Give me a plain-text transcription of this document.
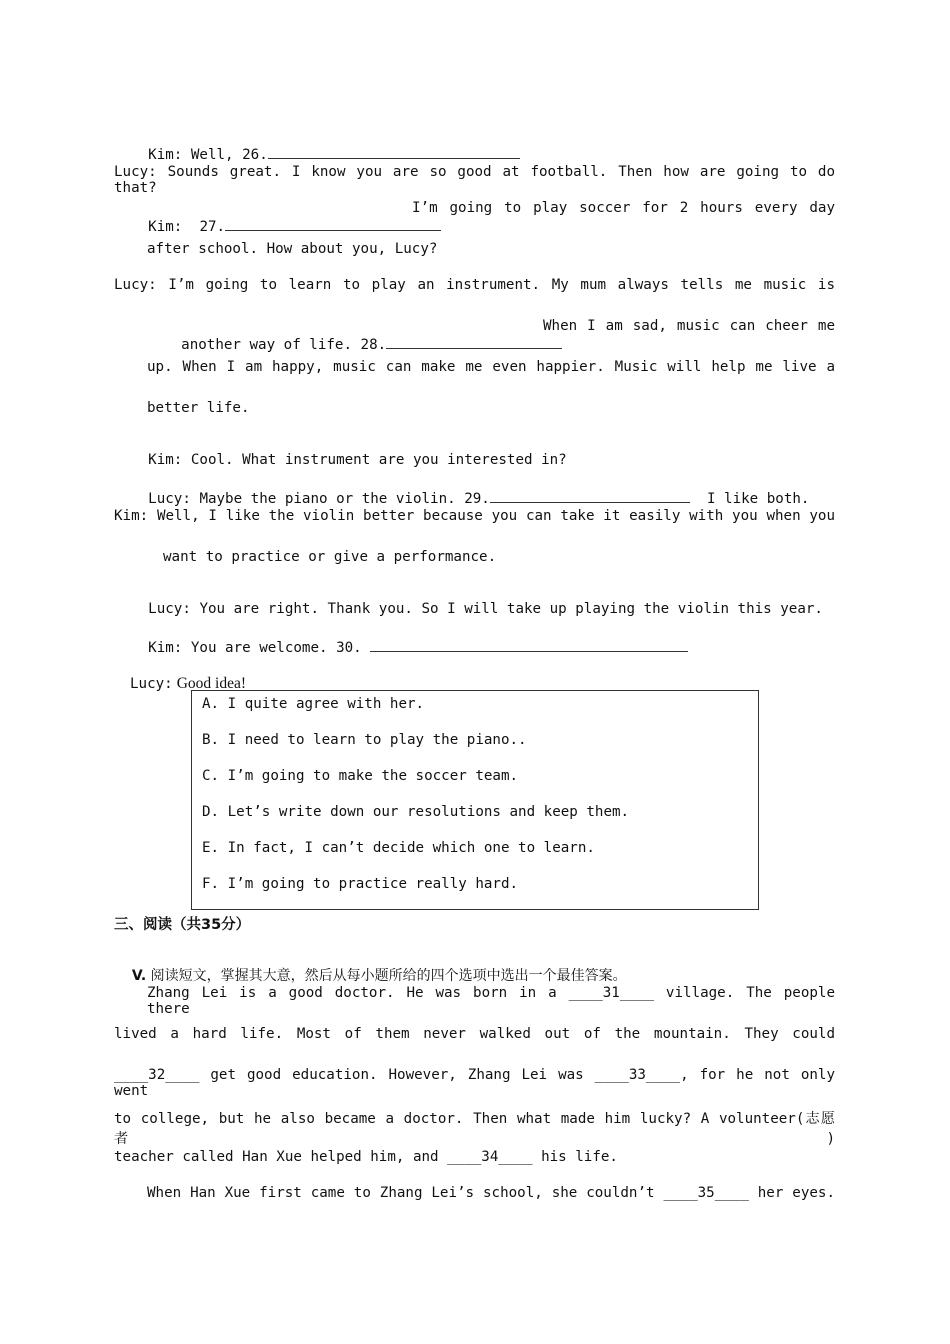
Kim: Well, 26.

Lucy: Sounds great. I know you are so good at football. Then how are going to do that?

Kim: 27.
I’m going to play soccer for 2 hours every day

after school. How about you, Lucy?
Lucy: I’m going to learn to play an instrument. My mum always tells me music is

another way of life. 28.
When I am sad, music can cheer me

up. When I am happy, music can make me even happier. Music will help me live a
better life.

Kim: Cool. What instrument are you interested in?

Lucy: Maybe the piano or the violin. 29.	I like both.

Kim: Well, I like the violin better because you can take it easily with you when you
want to practice or give a performance.

Lucy: You are right. Thank you. So I will take up playing the violin this year.

Kim: You are welcome. 30.

Lucy: Good idea!

A. I quite agree with her.
B. I need to learn to play the piano..
C. I’m going to make the soccer team.
D. Let’s write down our resolutions and keep them.
E. In fact, I can’t decide which one to learn.
F. I’m going to practice really hard.
三、阅读（共35分）

V. 阅读短文，掌握其大意，然后从每小题所给的四个选项中选出一个最佳答案。

Zhang Lei is a good doctor. He was born in a ____31____ village. The people there
lived a hard life. Most of them never walked out of the mountain. They could
____32____ get good education. However, Zhang Lei was ____33____, for he not only went
to college, but he also became a doctor. Then what made him lucky? A volunteer(志愿者)
teacher called Han Xue helped him, and ____34____ his life.
When Han Xue first came to Zhang Lei’s school, she couldn’t ____35____ her eyes.
